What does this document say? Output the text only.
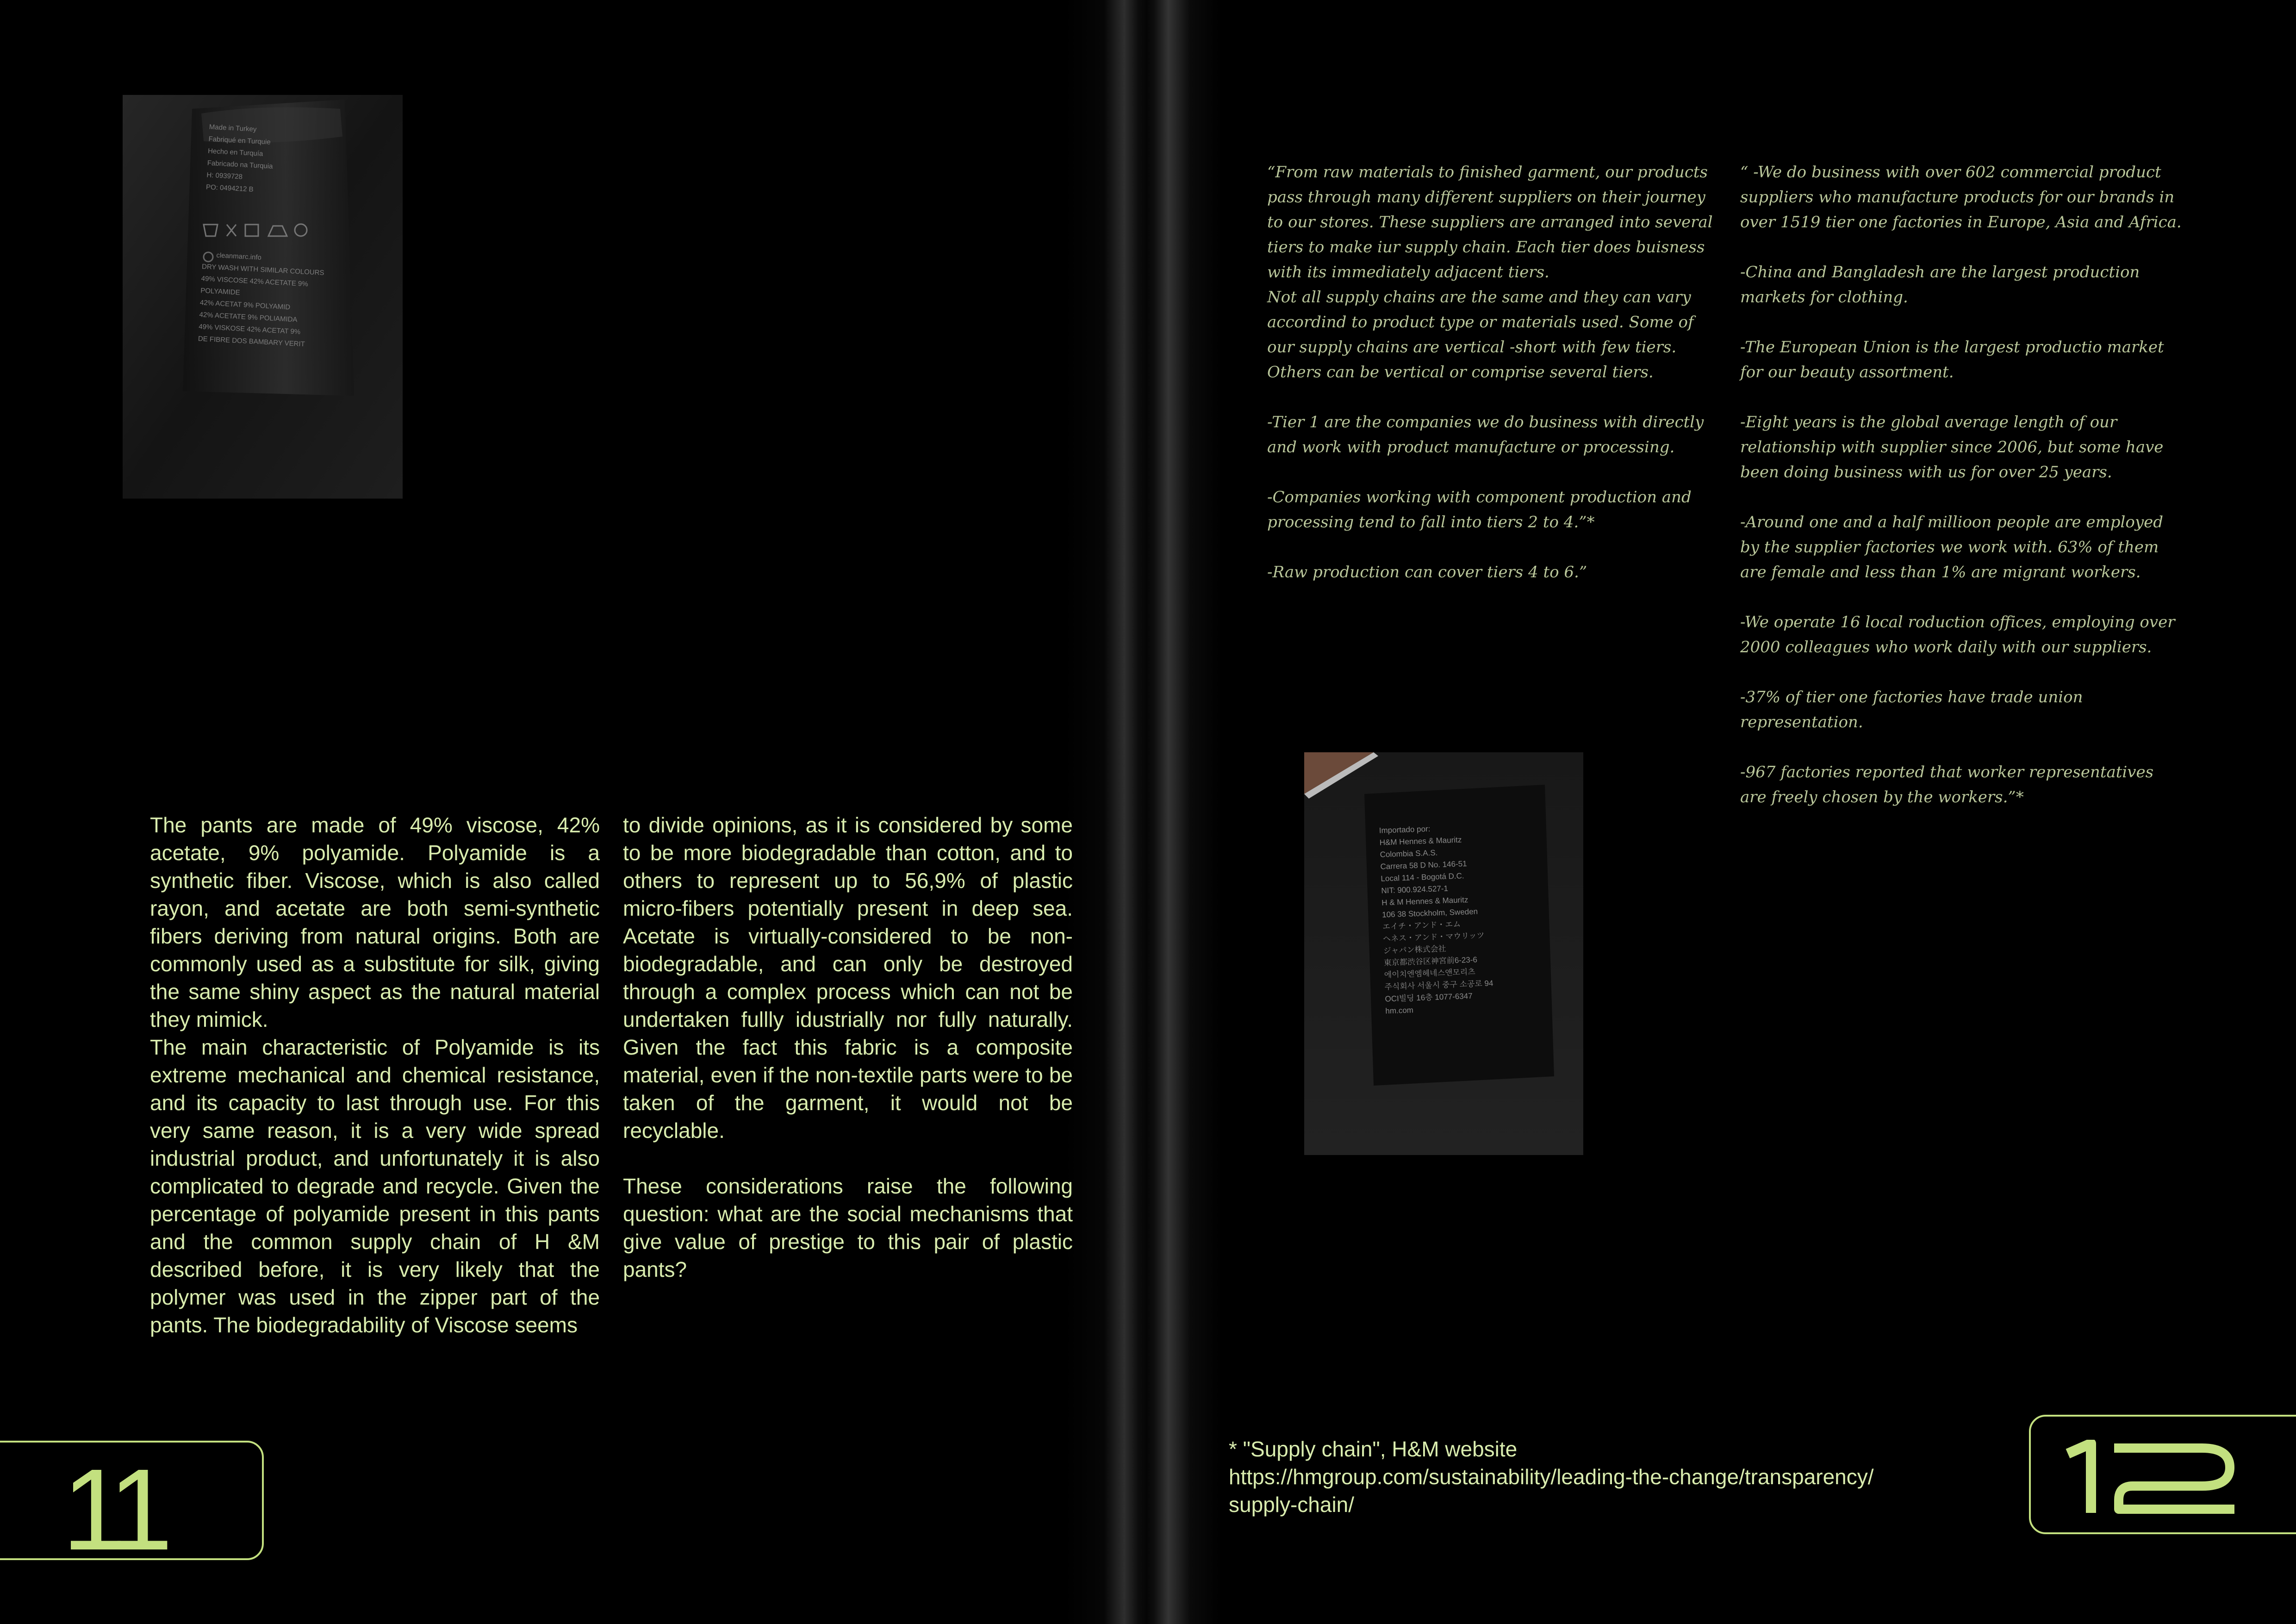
Made in Turkey
Fabriqué en Turquie
Hecho en Turquía
Fabricado na Turquia
H: 0939728
PO: 0494212 B
cleanmarc.info
DRY WASH WITH SIMILAR COLOURS
49% VISCOSE 42% ACETATE 9%
POLYAMIDE
42% ACETAT 9% POLYAMID
42% ACETATE 9% POLIAMIDA
49% VISKOSE 42% ACETAT 9%
DE FIBRE DOS BAMBARY VERIT

The pants are made of 49% viscose, 42% acetate, 9% polyamide. Polyamide is a synthetic fiber. Viscose, which is also called rayon, and acetate are both semi-synthetic fibers deriving from natural origins. Both are commonly used as a substitute for silk, giving the same shiny aspect as the natural material they mimick.

The main characteristic of Polyamide is its extreme mechanical and chemical resistance, and its capacity to last through use. For this very same reason, it is a very wide spread industrial product, and unfortunately it is also complicated to degrade and recycle. Given the percentage of polyamide present in this pants and the common supply chain of H &M described before, it is very likely that the polymer was used in the zipper part of the pants. The biodegradability of Viscose seems

to divide opinions, as it is considered by some to be more biodegradable than cotton, and to others to represent up to 56,9% of plastic micro-fibers potentially present in deep sea. Acetate is virtually-considered to be non-biodegradable, and can only be destroyed through a complex process which can not be undertaken fullly idustrially nor fully naturally. Given the fact this fabric is a composite material, even if the non-textile parts were to be taken of the garment, it would not be recyclable.

These considerations raise the following question: what are the social mechanisms that give value of prestige to this pair of plastic pants?

11

“From raw materials to finished garment, our products pass through many different suppliers on their journey to our stores. These suppliers are arranged into several tiers to make iur supply chain. Each tier does buisness with its immediately adjacent tiers.
Not all supply chains are the same and they can vary accordind to product type or materials used. Some of our supply chains are vertical -short with few tiers. Others can be vertical or comprise several tiers.

-Tier 1 are the companies we do business with directly and work with product manufacture or processing.

-Companies working with component production and processing tend to fall into tiers 2 to 4.”*

-Raw production can cover tiers 4 to 6.”

“ -We do business with over 602 commercial product suppliers who manufacture products for our brands in over 1519 tier one factories in Europe, Asia and Africa.

-China and Bangladesh are the largest production markets for clothing.

-The European Union is the largest productio market for our beauty assortment.

-Eight years is the global average length of our relationship with supplier since 2006, but some have been doing business with us for over 25 years.

-Around one and a half millioon people are employed by the supplier factories we work with. 63% of them are female and less than 1% are migrant workers.

-We operate 16 local roduction offices, employing over 2000 colleagues who work daily with our suppliers.

-37% of tier one factories have trade union representation.

-967 factories reported that worker representatives are freely chosen by the workers.”*

Importado por:
H&M Hennes & Mauritz
Colombia S.A.S.
Carrera 58 D No. 146-51
Local 114 - Bogotá D.C.
NIT: 900.924.527-1
H & M Hennes & Mauritz
106 38 Stockholm, Sweden
エイチ・アンド・エム
ヘネス・アンド・マウリッツ
ジャパン株式会社
東京都渋谷区神宮前6-23-6
에이치엔엠헤네스앤모리츠
주식회사 서울시 중구 소공로 94
OCI빌딩 16층 1077-6347
hm.com
* "Supply chain", H&M website
https://hmgroup.com/sustainability/leading-the-change/transparency/
supply-chain/
